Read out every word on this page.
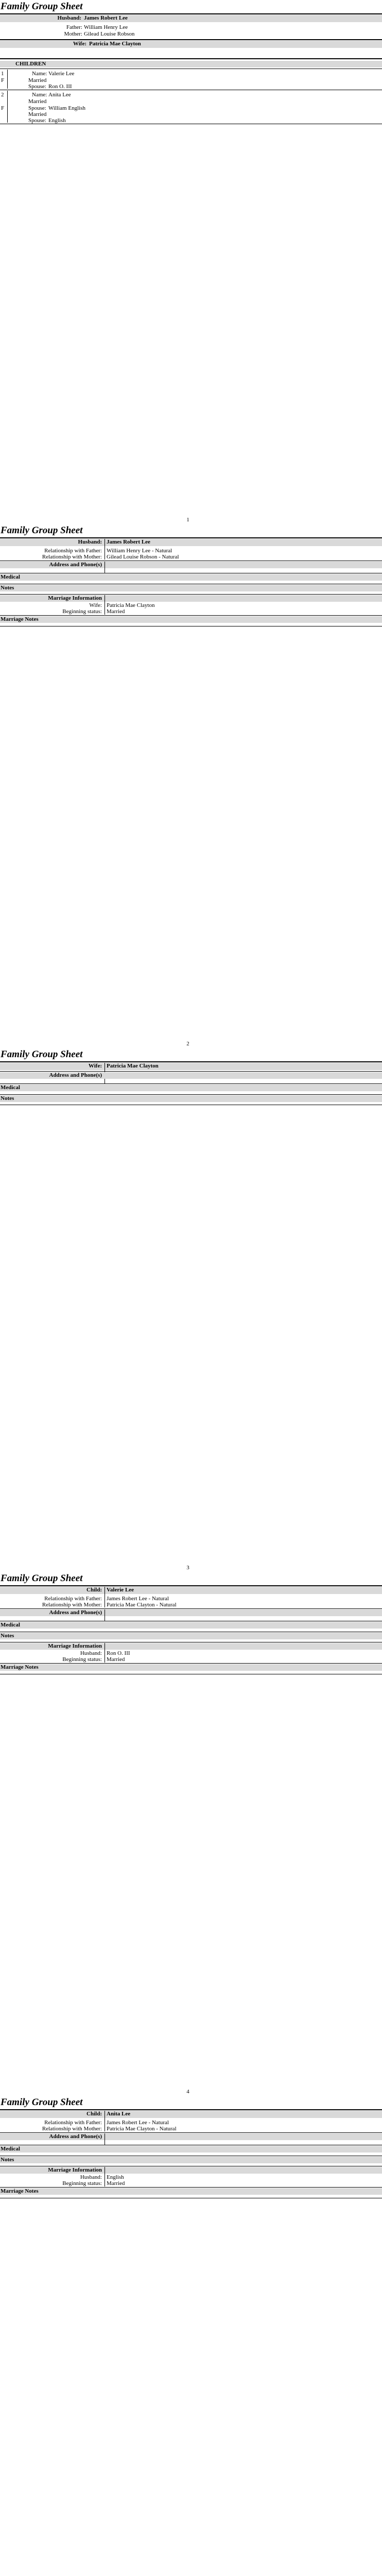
Family Group Sheet
Husband: James Robert Lee
Father: William Henry Lee
Mother: Gilead Louise Robson
Wife: Patricia Mae Clayton
CHILDREN
1
F
Name: Valerie Lee
Married
Spouse: Ron O. III
2
F
Name: Anita Lee
Married
Spouse: William English
Married
Spouse: English
1
Family Group Sheet
Husband: James Robert Lee
Relationship with Father: William Henry Lee - Natural
Relationship with Mother: Gilead Louise Robson - Natural
Address and Phone(s)
Medical
Notes
Marriage Information
Wife: Patricia Mae Clayton
Beginning status: Married
Marriage Notes
2
Family Group Sheet
Wife: Patricia Mae Clayton
Address and Phone(s)
Medical
Notes
3
Family Group Sheet
Child: Valerie Lee
Relationship with Father: James Robert Lee - Natural
Relationship with Mother: Patricia Mae Clayton - Natural
Address and Phone(s)
Medical
Notes
Marriage Information
Husband: Ron O. III
Beginning status: Married
Marriage Notes
4
Family Group Sheet
Child: Anita Lee
Relationship with Father: James Robert Lee - Natural
Relationship with Mother: Patricia Mae Clayton - Natural
Address and Phone(s)
Medical
Notes
Marriage Information
Husband: English
Beginning status: Married
Marriage Notes
